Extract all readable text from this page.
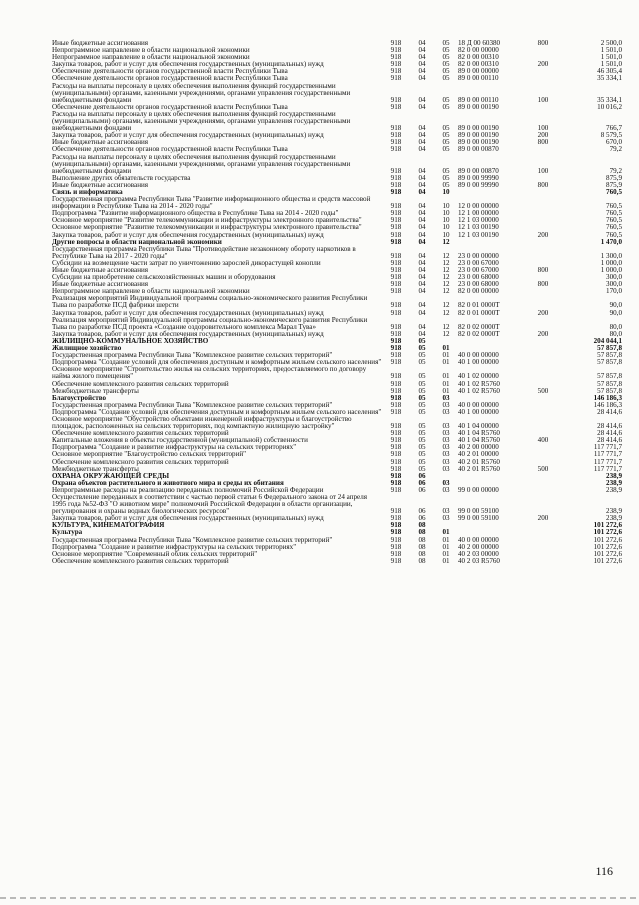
Иные бюджетные ассигнования	918	04	05	18 Д 00 60380	800	2 500,0
Непрограммное направление в области национальной экономики	918	04	05	82 0 00 00000		1 501,0
Непрограммное направление в области национальной экономики	918	04	05	82 0 00 00310		1 501,0
Закупка товаров, работ и услуг для обеспечения государственных (муниципальных) нужд	918	04	05	82 0 00 00310	200	1 501,0
Обеспечение деятельности органов государственной власти Республики Тыва	918	04	05	89 0 00 00000		46 305,4
Обеспечение деятельности органов государственной власти Республики Тыва	918	04	05	89 0 00 00110		35 334,1
Расходы на выплаты персоналу в целях обеспечения выполнения функций государственными (муниципальными) органами, казенными учреждениями, органами управления государственными внебюджетными фондами	918	04	05	89 0 00 00110	100	35 334,1
Обеспечение деятельности органов государственной власти Республики Тыва	918	04	05	89 0 00 00190		10 016,2
Расходы на выплаты персоналу в целях обеспечения выполнения функций государственными (муниципальными) органами, казенными учреждениями, органами управления государственными внебюджетными фондами	918	04	05	89 0 00 00190	100	766,7
Закупка товаров, работ и услуг для обеспечения государственных (муниципальных) нужд	918	04	05	89 0 00 00190	200	8 579,5
Иные бюджетные ассигнования	918	04	05	89 0 00 00190	800	670,0
Обеспечение деятельности органов государственной власти Республики Тыва	918	04	05	89 0 00 00870		79,2
Расходы на выплаты персоналу в целях обеспечения выполнения функций государственными (муниципальными) органами, казенными учреждениями, органами управления государственными внебюджетными фондами	918	04	05	89 0 00 00870	100	79,2
Выполнение других обязательств государства	918	04	05	89 0 00 99990		875,9
Иные бюджетные ассигнования	918	04	05	89 0 00 99990	800	875,9
Связь и информатика	918	04	10			760,5
Государственная программа Республики Тыва "Развитие информационного общества и средств массовой информации в Республике Тыва на 2014 - 2020 годы"	918	04	10	12 0 00 00000		760,5
Подпрограмма "Развитие информационного общества в Республике Тыва на 2014 - 2020 годы"	918	04	10	12 1 00 00000		760,5
Основное мероприятие "Развитие телекоммуникации и инфраструктуры электронного правительства"	918	04	10	12 1 03 00000		760,5
Основное мероприятие "Развитие телекоммуникации и инфраструктуры электронного правительства"	918	04	10	12 1 03 00190		760,5
Закупка товаров, работ и услуг для обеспечения государственных (муниципальных) нужд	918	04	10	12 1 03 00190	200	760,5
Другие вопросы в области национальной экономики	918	04	12			1 470,0
Государственная программа Республики Тыва "Противодействие незаконному обороту наркотиков в Республике Тыва на 2017 - 2020 годы"	918	04	12	23 0 00 00000		1 300,0
Субсидии на возмещение части затрат по уничтожению зарослей дикорастущей конопли	918	04	12	23 0 00 67000		1 000,0
Иные бюджетные ассигнования	918	04	12	23 0 00 67000	800	1 000,0
Субсидии на приобретение сельскохозяйственных машин и оборудования	918	04	12	23 0 00 68000		300,0
Иные бюджетные ассигнования	918	04	12	23 0 00 68000	800	300,0
Непрограммное направление в области национальной экономики	918	04	12	82 0 00 00000		170,0
Реализация мероприятий Индивидуальной программы социально-экономического развития Республики Тыва по разработке ПСД фабрики шерсти	918	04	12	82 0 01 0000Т		90,0
Закупка товаров, работ и услуг для обеспечения государственных (муниципальных) нужд	918	04	12	82 0 01 0000Т	200	90,0
Реализация мероприятий Индивидуальной программы социально-экономического развития Республики Тыва по разработке ПСД проекта «Создание оздоровительного комплекса Марал Тува»	918	04	12	82 0 02 0000Т		80,0
Закупка товаров, работ и услуг для обеспечения государственных (муниципальных) нужд	918	04	12	82 0 02 0000Т	200	80,0
ЖИЛИЩНО-КОММУНАЛЬНОЕ ХОЗЯЙСТВО	918	05				204 044,1
Жилищное хозяйство	918	05	01			57 857,8
Государственная программа Республики Тыва "Комплексное развитие сельских территорий"	918	05	01	40 0 00 00000		57 857,8
Подпрограмма "Создание условий для обеспечения доступным и комфортным жильем сельского населения"	918	05	01	40 1 00 00000		57 857,8
Основное мероприятие "Строительство жилья на сельских территориях, предоставляемого по договору найма жилого помещения"	918	05	01	40 1 02 00000		57 857,8
Обеспечение комплексного развития сельских территорий	918	05	01	40 1 02 R5760		57 857,8
Межбюджетные трансферты	918	05	01	40 1 02 R5760	500	57 857,8
Благоустройство	918	05	03			146 186,3
Государственная программа Республики Тыва "Комплексное развитие сельских территорий"	918	05	03	40 0 00 00000		146 186,3
Подпрограмма "Создание условий для обеспечения доступным и комфортным жильем сельского населения"	918	05	03	40 1 00 00000		28 414,6
Основное мероприятие "Обустройство объектами инженерной инфраструктуры и благоустройство площадок, расположенных на сельских территориях, под компактную жилищную застройку"	918	05	03	40 1 04 00000		28 414,6
Обеспечение комплексного развития сельских территорий	918	05	03	40 1 04 R5760		28 414,6
Капитальные вложения в объекты государственной (муниципальной) собственности	918	05	03	40 1 04 R5760	400	28 414,6
Подпрограмма "Создание и развитие инфраструктуры на сельских территориях"	918	05	03	40 2 00 00000		117 771,7
Основное мероприятие "Благоустройство сельских территорий"	918	05	03	40 2 01 00000		117 771,7
Обеспечение комплексного развития сельских территорий	918	05	03	40 2 01 R5760		117 771,7
Межбюджетные трансферты	918	05	03	40 2 01 R5760	500	117 771,7
ОХРАНА ОКРУЖАЮЩЕЙ СРЕДЫ	918	06				238,9
Охрана объектов растительного и животного мира и среды их обитания	918	06	03			238,9
Непрограммные расходы на реализацию переданных полномочий Российской Федерации	918	06	03	99 0 00 00000		238,9
Осуществление переданных в соответствии с частью первой статьи 6 Федерального закона от 24 апреля 1995 года №52-ФЗ "О животном мире" полномочий Российской Федерации в области организации, регулирования и охраны водных биологических ресурсов"	918	06	03	99 0 00 59100		238,9
Закупка товаров, работ и услуг для обеспечения государственных (муниципальных) нужд	918	06	03	99 0 00 59100	200	238,9
КУЛЬТУРА, КИНЕМАТОГРАФИЯ	918	08				101 272,6
Культура	918	08	01			101 272,6
Государственная программа Республики Тыва "Комплексное развитие сельских территорий"	918	08	01	40 0 00 00000		101 272,6
Подпрограмма "Создание и развитие инфраструктуры на сельских территориях"	918	08	01	40 2 00 00000		101 272,6
Основное мероприятие "Современный облик сельских территорий"	918	08	01	40 2 03 00000		101 272,6
Обеспечение комплексного развития сельских территорий	918	08	01	40 2 03 R5760		101 272,6
116
